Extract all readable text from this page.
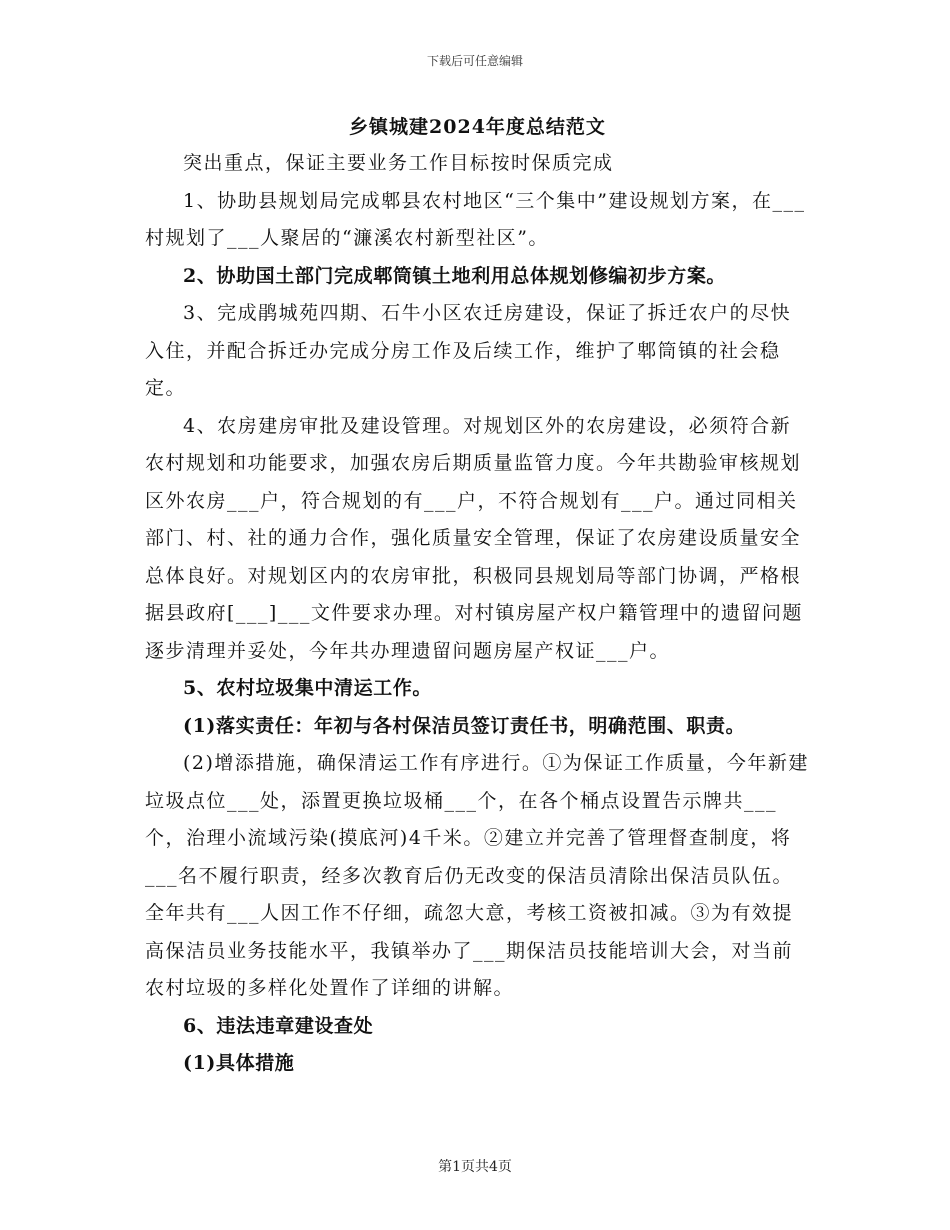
下载后可任意编辑
乡镇城建2024年度总结范文

突出重点，保证主要业务工作目标按时保质完成

1、协助县规划局完成郫县农村地区“三个集中”建设规划方案，在___村规划了___人聚居的“濂溪农村新型社区”。

2、协助国土部门完成郫筒镇土地利用总体规划修编初步方案。

3、完成鹃城苑四期、石牛小区农迁房建设，保证了拆迁农户的尽快入住，并配合拆迁办完成分房工作及后续工作，维护了郫筒镇的社会稳定。

4、农房建房审批及建设管理。对规划区外的农房建设，必须符合新农村规划和功能要求，加强农房后期质量监管力度。今年共勘验审核规划区外农房___户，符合规划的有___户，不符合规划有___户。通过同相关部门、村、社的通力合作，强化质量安全管理，保证了农房建设质量安全总体良好。对规划区内的农房审批，积极同县规划局等部门协调，严格根据县政府[___]___文件要求办理。对村镇房屋产权户籍管理中的遗留问题逐步清理并妥处，今年共办理遗留问题房屋产权证___户。

5、农村垃圾集中清运工作。

(1)落实责任：年初与各村保洁员签订责任书，明确范围、职责。

(2)增添措施，确保清运工作有序进行。①为保证工作质量，今年新建垃圾点位___处，添置更换垃圾桶___个，在各个桶点设置告示牌共___个，治理小流域污染(摸底河)4千米。②建立并完善了管理督查制度，将___名不履行职责，经多次教育后仍无改变的保洁员清除出保洁员队伍。全年共有___人因工作不仔细，疏忽大意，考核工资被扣减。③为有效提高保洁员业务技能水平，我镇举办了___期保洁员技能培训大会，对当前农村垃圾的多样化处置作了详细的讲解。

6、违法违章建设查处

(1)具体措施

第1页共4页
